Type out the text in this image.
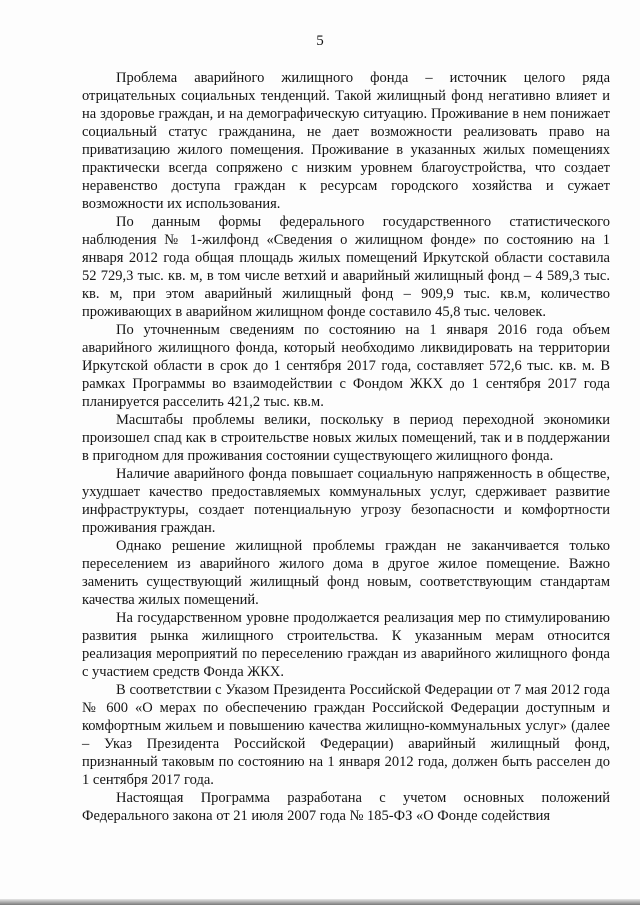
5

Проблема аварийного жилищного фонда – источник целого ряда отрицательных социальных тенденций. Такой жилищный фонд негативно влияет и на здоровье граждан, и на демографическую ситуацию. Проживание в нем понижает социальный статус гражданина, не дает возможности реализовать право на приватизацию жилого помещения. Проживание в указанных жилых помещениях практически всегда сопряжено с низким уровнем благоустройства, что создает неравенство доступа граждан к ресурсам городского хозяйства и сужает возможности их использования.

По данным формы федерального государственного статистического наблюдения № 1-жилфонд «Сведения о жилищном фонде» по состоянию на 1 января 2012 года общая площадь жилых помещений Иркутской области составила 52 729,3 тыс. кв. м, в том числе ветхий и аварийный жилищный фонд – 4 589,3 тыс. кв. м, при этом аварийный жилищный фонд – 909,9 тыс. кв.м, количество проживающих в аварийном жилищном фонде составило 45,8 тыс. человек.

По уточненным сведениям по состоянию на 1 января 2016 года объем аварийного жилищного фонда, который необходимо ликвидировать на территории Иркутской области в срок до 1 сентября 2017 года, составляет 572,6 тыс. кв. м. В рамках Программы во взаимодействии с Фондом ЖКХ до 1 сентября 2017 года планируется расселить 421,2 тыс. кв.м.

Масштабы проблемы велики, поскольку в период переходной экономики произошел спад как в строительстве новых жилых помещений, так и в поддержании в пригодном для проживания состоянии существующего жилищного фонда.

Наличие аварийного фонда повышает социальную напряженность в обществе, ухудшает качество предоставляемых коммунальных услуг, сдерживает развитие инфраструктуры, создает потенциальную угрозу безопасности и комфортности проживания граждан.

Однако решение жилищной проблемы граждан не заканчивается только переселением из аварийного жилого дома в другое жилое помещение. Важно заменить существующий жилищный фонд новым, соответствующим стандартам качества жилых помещений.

На государственном уровне продолжается реализация мер по стимулированию развития рынка жилищного строительства. К указанным мерам относится реализация мероприятий по переселению граждан из аварийного жилищного фонда с участием средств Фонда ЖКХ.

В соответствии с Указом Президента Российской Федерации от 7 мая 2012 года № 600 «О мерах по обеспечению граждан Российской Федерации доступным и комфортным жильем и повышению качества жилищно-коммунальных услуг» (далее – Указ Президента Российской Федерации) аварийный жилищный фонд, признанный таковым по состоянию на 1 января 2012 года, должен быть расселен до 1 сентября 2017 года.

Настоящая Программа разработана с учетом основных положений Федерального закона от 21 июля 2007 года № 185-ФЗ «О Фонде содействия
